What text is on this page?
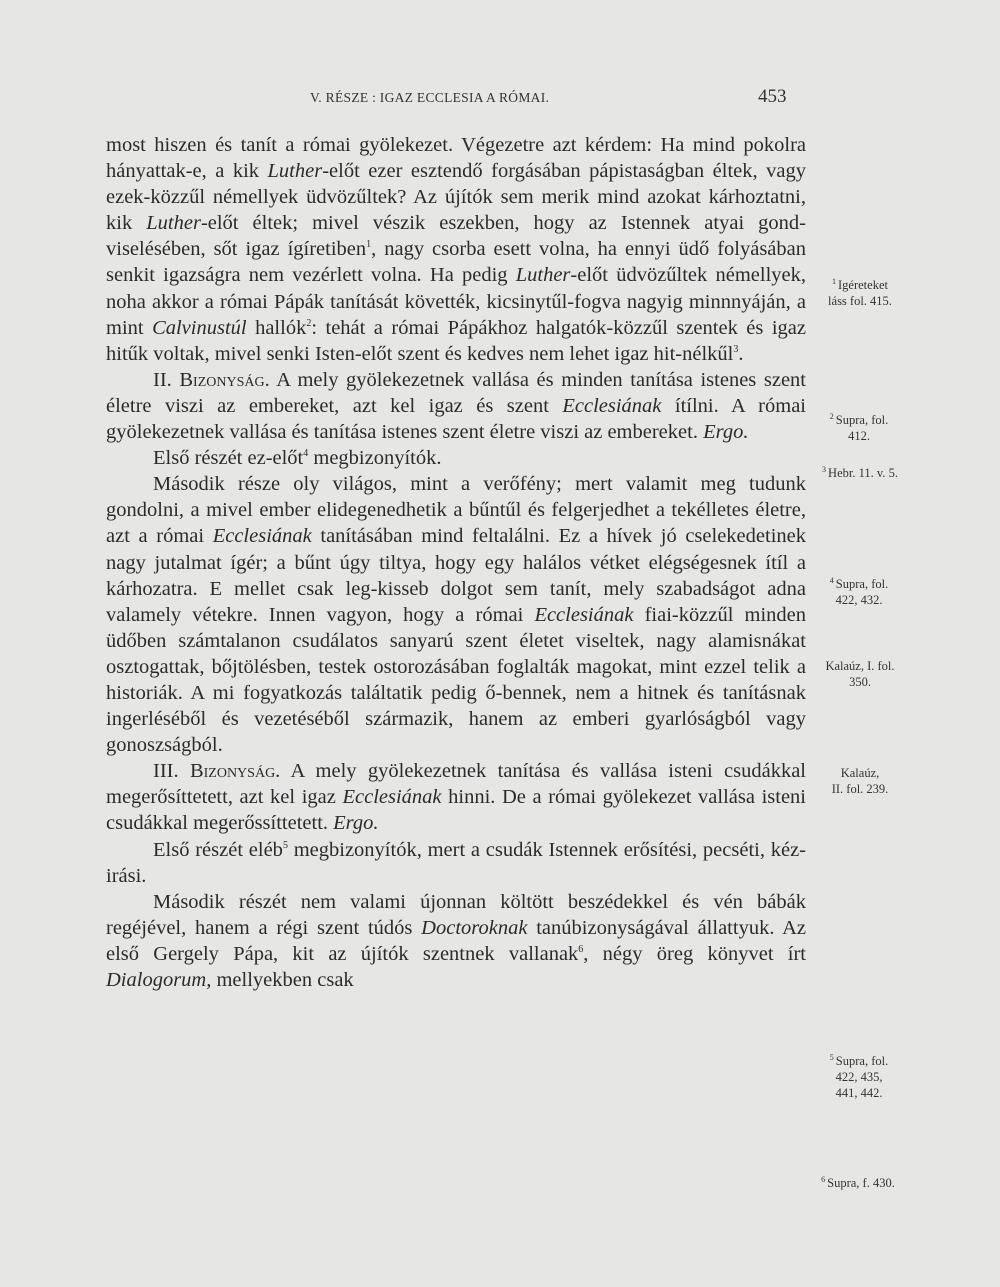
V. RÉSZE : IGAZ ECCLESIA A RÓMAI.	453

most hiszen és tanít a római gyölekezet. Végezetre azt kérdem: Ha mind pokolra hányattak-e, a kik Luther-előt ezer esztendő forgásában pápistaságban éltek, vagy ezek-közzűl némellyek üdvözűltek? Az újítók sem merik mind azokat kárhoztatni, kik Luther-előt éltek; mivel vészik eszekben, hogy az Istennek atyai gond-viselésében, sőt igaz ígíretiben$^1$, nagy csorba esett volna, ha ennyi üdő folyásában senkit igazságra nem vezérlett volna. Ha pedig Luther-előt üdvözűltek némellyek, noha akkor a római Pápák tanítását követték, kicsinytűl-fogva nagyig minnnyáján, a mint Calvinustúl hallók$^2$: tehát a római Pápákhoz halgatók-közzűl szentek és igaz hitűk voltak, mivel senki Isten-előt szent és kedves nem lehet igaz hit-nélkűl$^3$.

II. Bizonyság. A mely gyölekezetnek vallása és minden tanítása istenes szent életre viszi az embereket, azt kel igaz és szent Ecclesiának ítílni. A római gyölekezetnek vallása és tanítása istenes szent életre viszi az embereket. Ergo.

Első részét ez-előt$^4$ megbizonyítók.

Második része oly világos, mint a verőfény; mert valamit meg tudunk gondolni, a mivel ember elidegenedhetik a bűntűl és felgerjedhet a tekélletes életre, azt a római Ecclesiának tanításában mind feltalálni. Ez a hívek jó cselekedetinek nagy jutalmat ígér; a bűnt úgy tiltya, hogy egy halálos vétket elégségesnek ítíl a kárhozatra. E mellet csak leg-kisseb dolgot sem tanít, mely szabadságot adna valamely vétekre. Innen vagyon, hogy a római Ecclesiának fiai-közzűl minden üdőben számtalanon csudálatos sanyarú szent életet viseltek, nagy alamisnákat osztogattak, bőjtölésben, testek ostorozásában foglalták magokat, mint ezzel telik a historiák. A mi fogyatkozás találtatik pedig ő-bennek, nem a hitnek és tanításnak ingerléséből és vezetéséből származik, hanem az emberi gyarlóságból vagy gonoszságból.

III. Bizonyság. A mely gyölekezetnek tanítása és vallása isteni csudákkal megerősíttetett, azt kel igaz Ecclesiának hinni. De a római gyölekezet vallása isteni csudákkal megerőssíttetett. Ergo.

Első részét eléb$^5$ megbizonyítók, mert a csudák Istennek erősítési, pecséti, kéz-irási.

Második részét nem valami újonnan költött beszédekkel és vén bábák regéjével, hanem a régi szent túdós Doctoroknak tanúbizonyságával állattyuk. Az első Gergely Pápa, kit az újítók szentnek vallanak$^6$, négy öreg könyvet írt Dialogorum, mellyekben csak

$^1$ Igéreteket
láss fol. 415.
$^2$ Supra, fol.
412.
$^3$ Hebr. 11. v. 5.
$^4$ Supra, fol.
422, 432.
Kalaúz, I. fol.
350.
Kalaúz,
II. fol. 239.
$^5$ Supra, fol.
422, 435,
441, 442.
$^6$ Supra, f. 430.
